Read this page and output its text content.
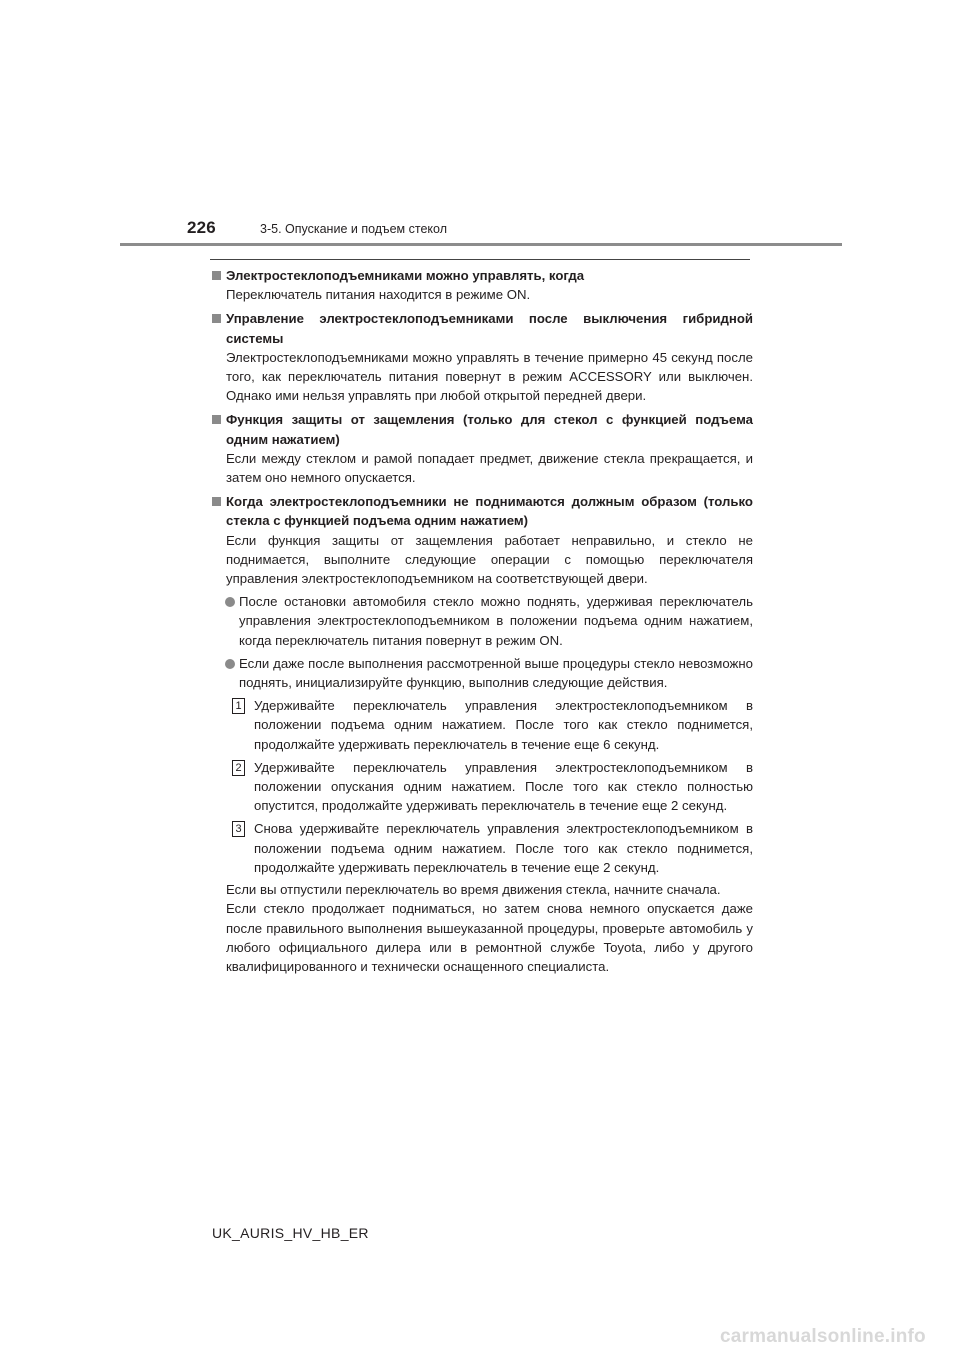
226	3-5. Опускание и подъем стекол
Электростеклоподъемниками можно управлять, когда
Переключатель питания находится в режиме ON.
Управление электростеклоподъемниками после выключения гибридной системы
Электростеклоподъемниками можно управлять в течение примерно 45 секунд после того, как переключатель питания повернут в режим ACCESSORY или выключен. Однако ими нельзя управлять при любой открытой передней двери.
Функция защиты от защемления (только для стекол с функцией подъема одним нажатием)
Если между стеклом и рамой попадает предмет, движение стекла прекращается, и затем оно немного опускается.
Когда электростеклоподъемники не поднимаются должным образом (только стекла с функцией подъема одним нажатием)
Если функция защиты от защемления работает неправильно, и стекло не поднимается, выполните следующие операции с помощью переключателя управления электростеклоподъемником на соответствующей двери.
После остановки автомобиля стекло можно поднять, удерживая переключатель управления электростеклоподъемником в положении подъема одним нажатием, когда переключатель питания повернут в режим ON.
Если даже после выполнения рассмотренной выше процедуры стекло невозможно поднять, инициализируйте функцию, выполнив следующие действия.
1 Удерживайте переключатель управления электростеклоподъемником в положении подъема одним нажатием. После того как стекло поднимется, продолжайте удерживать переключатель в течение еще 6 секунд.
2 Удерживайте переключатель управления электростеклоподъемником в положении опускания одним нажатием. После того как стекло полностью опустится, продолжайте удерживать переключатель в течение еще 2 секунд.
3 Снова удерживайте переключатель управления электростеклоподъемником в положении подъема одним нажатием. После того как стекло поднимется, продолжайте удерживать переключатель в течение еще 2 секунд.
Если вы отпустили переключатель во время движения стекла, начните сначала.
Если стекло продолжает подниматься, но затем снова немного опускается даже после правильного выполнения вышеуказанной процедуры, проверьте автомобиль у любого официального дилера или в ремонтной службе Toyota, либо у другого квалифицированного и технически оснащенного специалиста.
UK_AURIS_HV_HB_ER
carmanualsonline.info
